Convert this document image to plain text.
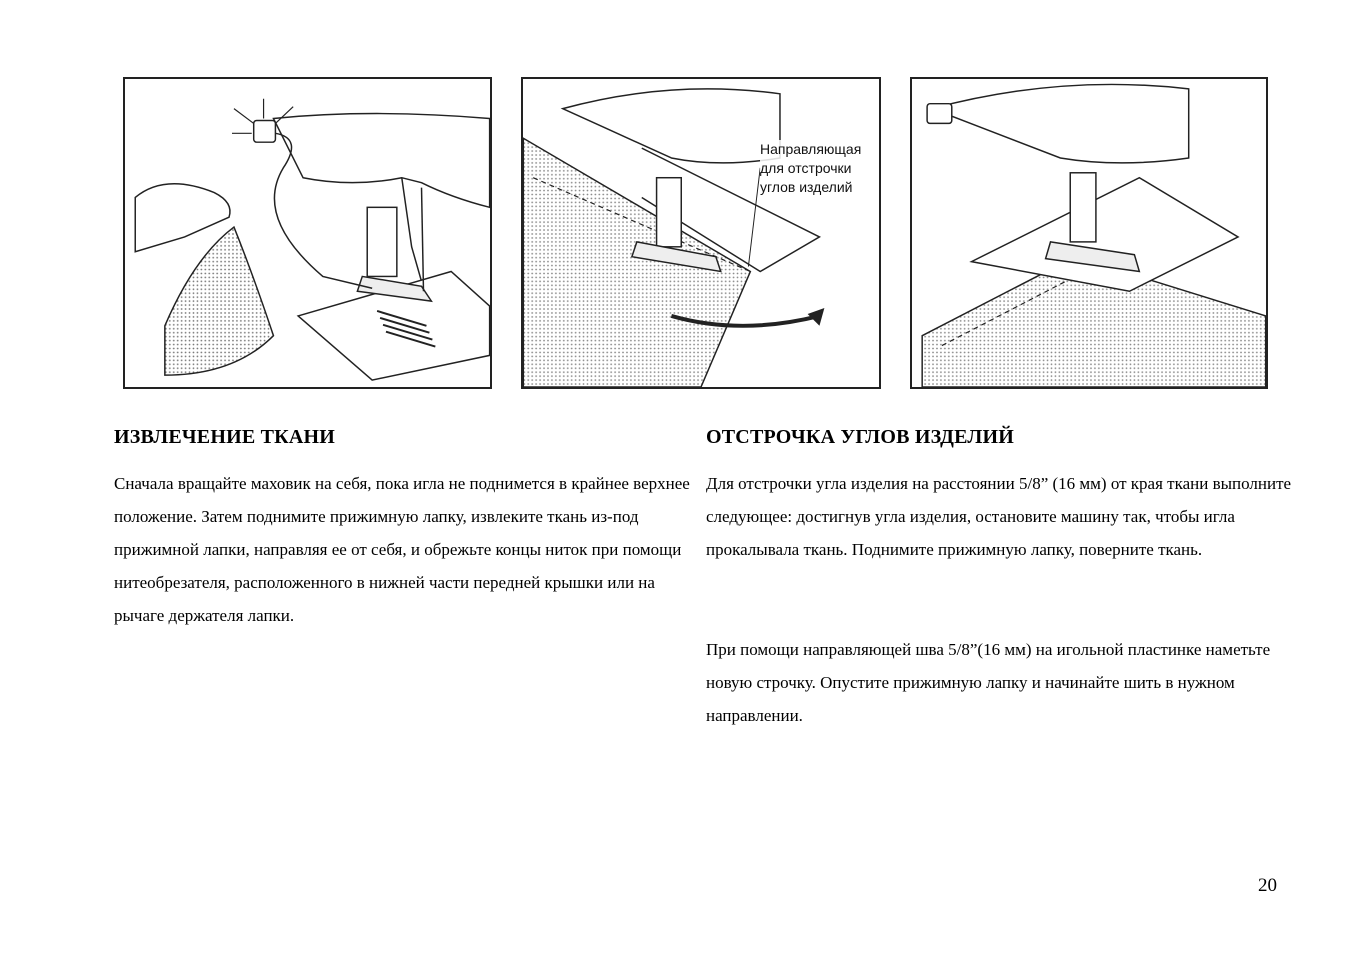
Направляющая
для отстрочки
углов изделий
ИЗВЛЕЧЕНИЕ ТКАНИ

Сначала вращайте маховик на себя, пока игла не поднимется в крайнее верхнее положение. Затем поднимите прижимную лапку, извлеките ткань из-под прижимной лапки, направляя ее от себя, и обрежьте концы ниток при помощи нитеобрезателя, расположенного в нижней части передней крышки или на рычаге держателя лапки.

ОТСТРОЧКА УГЛОВ ИЗДЕЛИЙ

Для отстрочки угла изделия на расстоянии 5/8” (16 мм) от края ткани выполните следующее: достигнув угла изделия, остановите машину так, чтобы игла прокалывала ткань. Поднимите прижимную лапку, поверните ткань.

При помощи направляющей шва 5/8”(16 мм) на игольной пластинке наметьте новую строчку. Опустите прижимную лапку и начинайте шить в нужном направлении.

20
